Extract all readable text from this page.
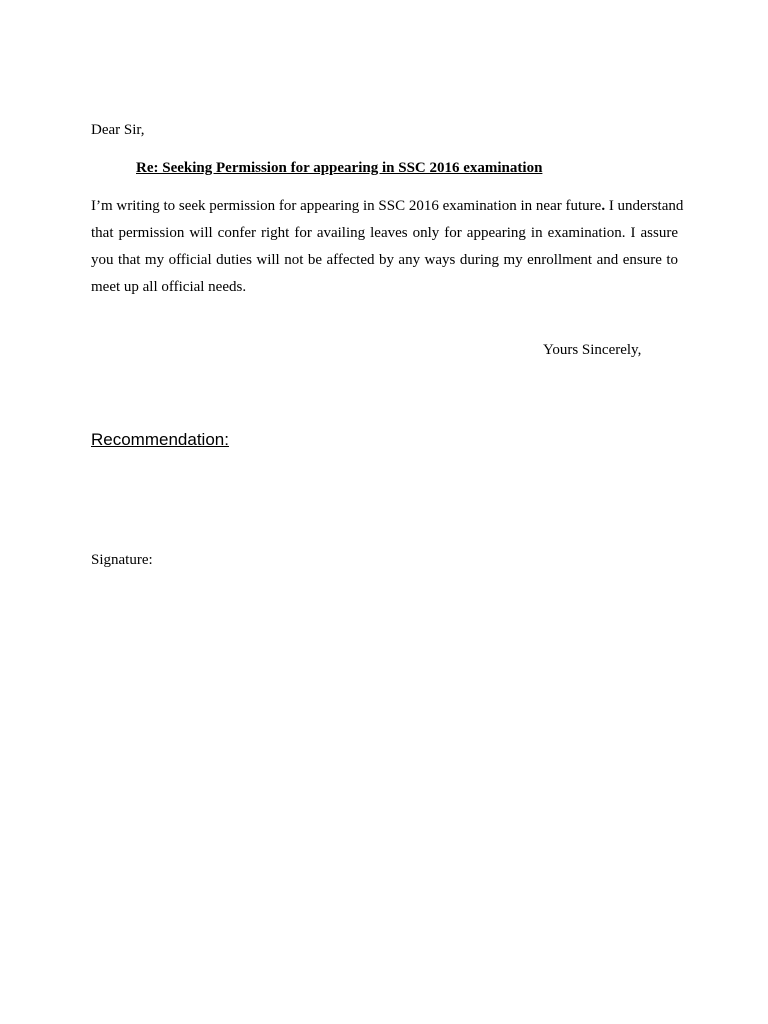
Dear Sir,
Re: Seeking Permission for appearing in SSC 2016 examination
I’m writing to seek permission for appearing in SSC 2016 examination in near future. I understand
that permission will confer right for availing leaves only for appearing in examination. I assure
you that my official duties will not be affected by any ways during my enrollment and ensure to
meet up all official needs.
Yours Sincerely,
Recommendation:
Signature:
